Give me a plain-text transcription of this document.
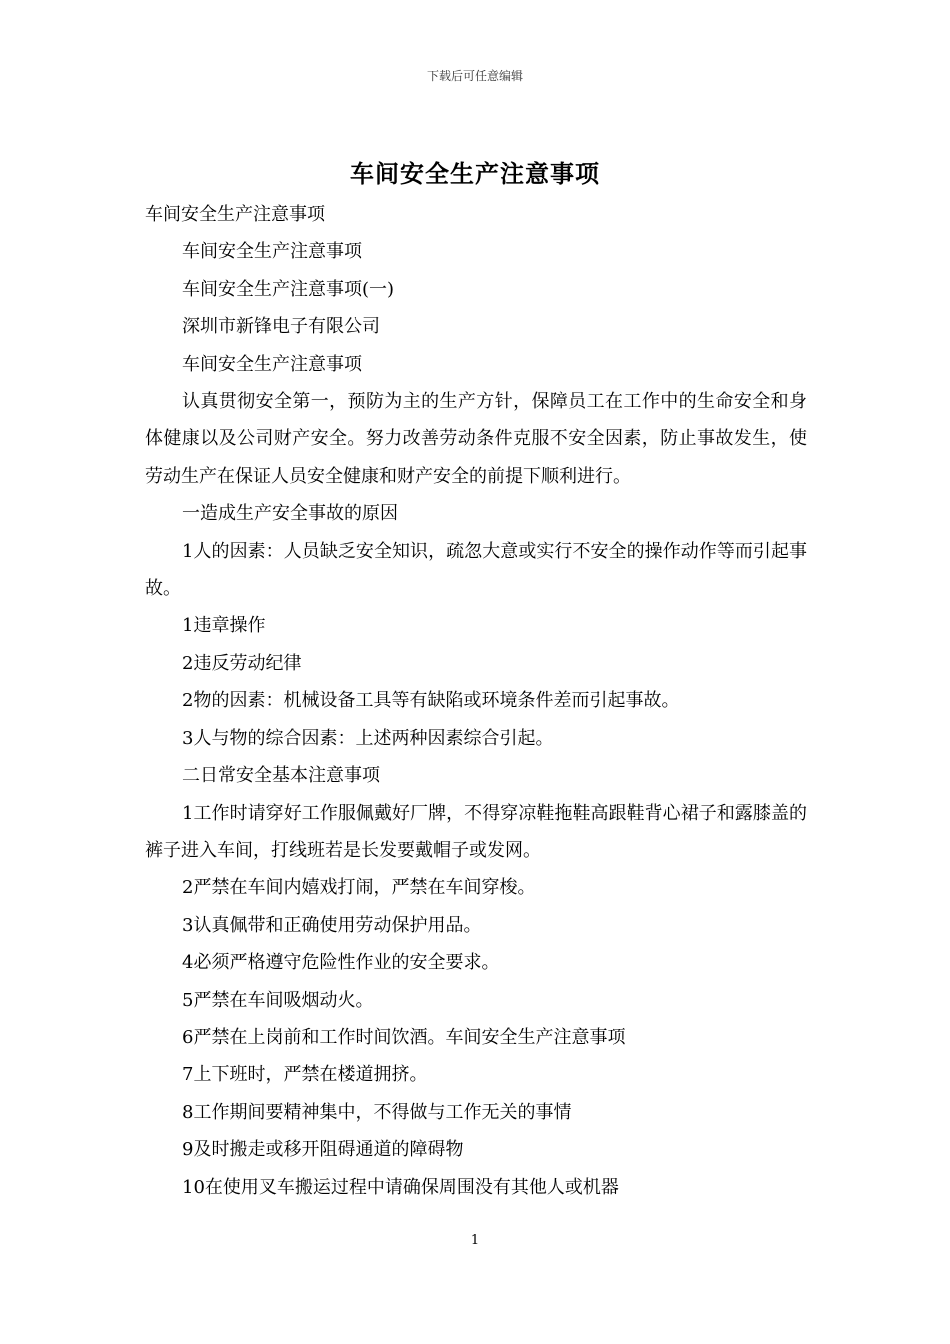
下载后可任意编辑
车间安全生产注意事项

车间安全生产注意事项

车间安全生产注意事项

车间安全生产注意事项(一)

深圳市新锋电子有限公司

车间安全生产注意事项

认真贯彻安全第一，预防为主的生产方针，保障员工在工作中的生命安全和身体健康以及公司财产安全。努力改善劳动条件克服不安全因素，防止事故发生，使劳动生产在保证人员安全健康和财产安全的前提下顺利进行。

一造成生产安全事故的原因

1人的因素：人员缺乏安全知识，疏忽大意或实行不安全的操作动作等而引起事故。

1违章操作

2违反劳动纪律

2物的因素：机械设备工具等有缺陷或环境条件差而引起事故。

3人与物的综合因素：上述两种因素综合引起。

二日常安全基本注意事项

1工作时请穿好工作服佩戴好厂牌，不得穿凉鞋拖鞋高跟鞋背心裙子和露膝盖的裤子进入车间，打线班若是长发要戴帽子或发网。

2严禁在车间内嬉戏打闹，严禁在车间穿梭。

3认真佩带和正确使用劳动保护用品。

4必须严格遵守危险性作业的安全要求。

5严禁在车间吸烟动火。

6严禁在上岗前和工作时间饮酒。车间安全生产注意事项

7上下班时，严禁在楼道拥挤。

8工作期间要精神集中，不得做与工作无关的事情

9及时搬走或移开阻碍通道的障碍物

10在使用叉车搬运过程中请确保周围没有其他人或机器

1
